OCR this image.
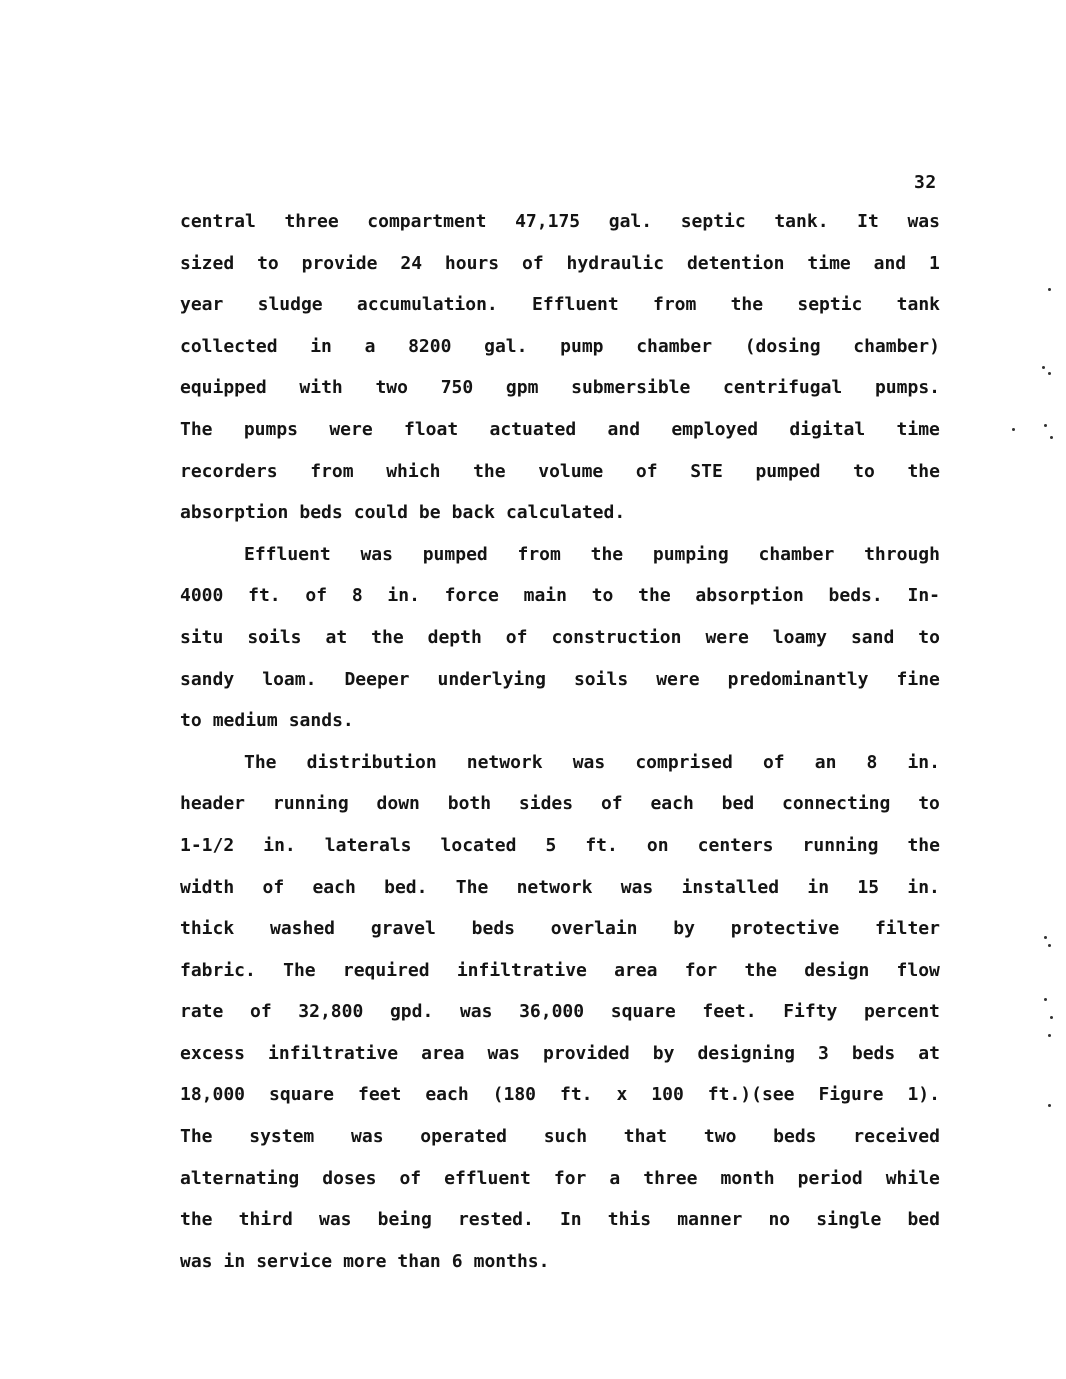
32
central three compartment 47,175 gal. septic tank. It was
sized to provide 24 hours of hydraulic detention time and 1
year sludge accumulation. Effluent from the septic tank
collected in a 8200 gal. pump chamber (dosing chamber)
equipped with two 750 gpm submersible centrifugal pumps.
The pumps were float actuated and employed digital time
recorders from which the volume of STE pumped to the
absorption beds could be back calculated.
Effluent was pumped from the pumping chamber through
4000 ft. of 8 in. force main to the absorption beds. In-
situ soils at the depth of construction were loamy sand to
sandy loam. Deeper underlying soils were predominantly fine
to medium sands.
The distribution network was comprised of an 8 in.
header running down both sides of each bed connecting to
1-1/2 in. laterals located 5 ft. on centers running the
width of each bed. The network was installed in 15 in.
thick washed gravel beds overlain by protective filter
fabric. The required infiltrative area for the design flow
rate of 32,800 gpd. was 36,000 square feet. Fifty percent
excess infiltrative area was provided by designing 3 beds at
18,000 square feet each (180 ft. x 100 ft.)(see Figure 1).
The system was operated such that two beds received
alternating doses of effluent for a three month period while
the third was being rested. In this manner no single bed
was in service more than 6 months.
